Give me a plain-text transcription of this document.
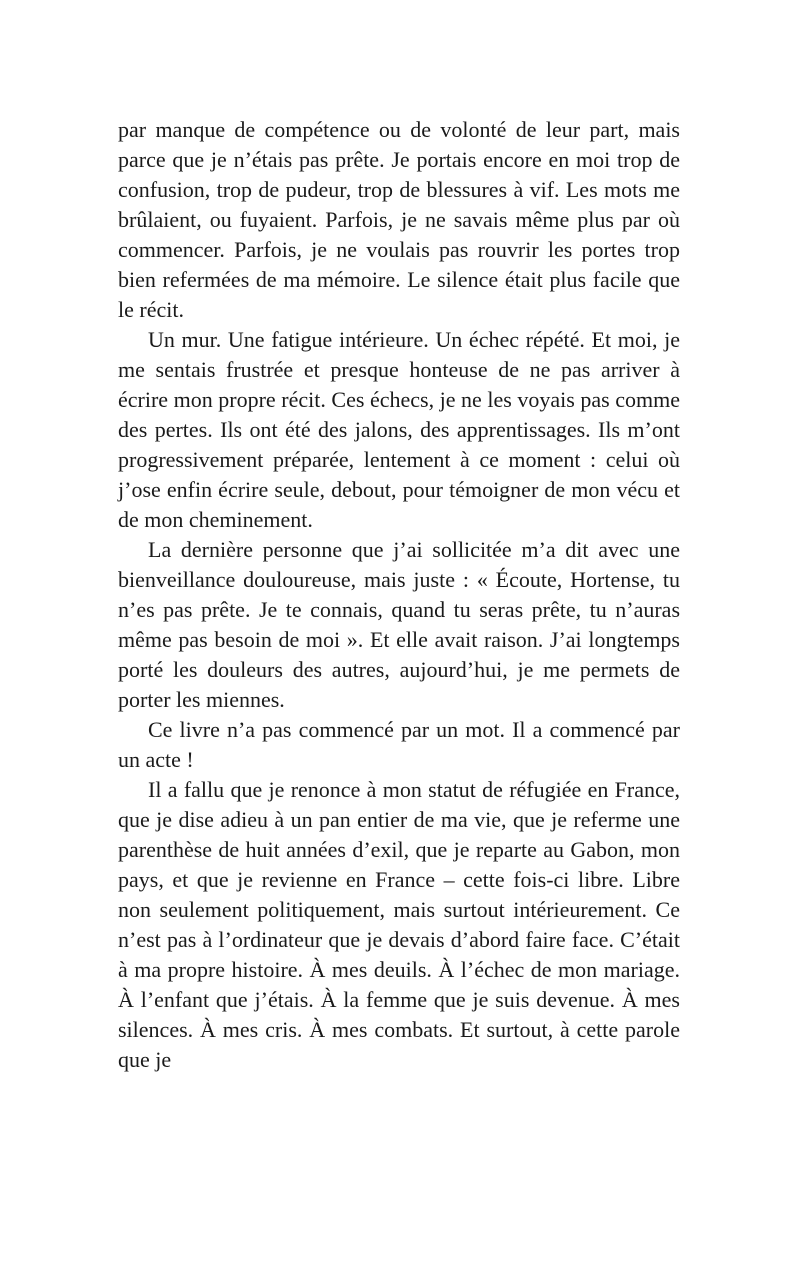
par manque de compétence ou de volonté de leur part, mais parce que je n’étais pas prête. Je portais encore en moi trop de confusion, trop de pudeur, trop de blessures à vif. Les mots me brûlaient, ou fuyaient. Parfois, je ne savais même plus par où commencer. Parfois, je ne voulais pas rouvrir les portes trop bien refermées de ma mémoire. Le silence était plus facile que le récit.

Un mur. Une fatigue intérieure. Un échec répété. Et moi, je me sentais frustrée et presque honteuse de ne pas arriver à écrire mon propre récit. Ces échecs, je ne les voyais pas comme des pertes. Ils ont été des jalons, des apprentissages. Ils m’ont progressivement préparée, lentement à ce moment : celui où j’ose enfin écrire seule, debout, pour témoigner de mon vécu et de mon cheminement.

La dernière personne que j’ai sollicitée m’a dit avec une bienveillance douloureuse, mais juste : « Écoute, Hortense, tu n’es pas prête. Je te connais, quand tu seras prête, tu n’auras même pas besoin de moi ». Et elle avait raison. J’ai longtemps porté les douleurs des autres, aujourd’hui, je me permets de porter les miennes.

Ce livre n’a pas commencé par un mot. Il a commencé par un acte !

Il a fallu que je renonce à mon statut de réfugiée en France, que je dise adieu à un pan entier de ma vie, que je referme une parenthèse de huit années d’exil, que je reparte au Gabon, mon pays, et que je revienne en France – cette fois-ci libre. Libre non seulement politiquement, mais surtout intérieurement. Ce n’est pas à l’ordinateur que je devais d’abord faire face. C’était à ma propre histoire. À mes deuils. À l’échec de mon mariage. À l’enfant que j’étais. À la femme que je suis devenue. À mes silences. À mes cris. À mes combats. Et surtout, à cette parole que je
